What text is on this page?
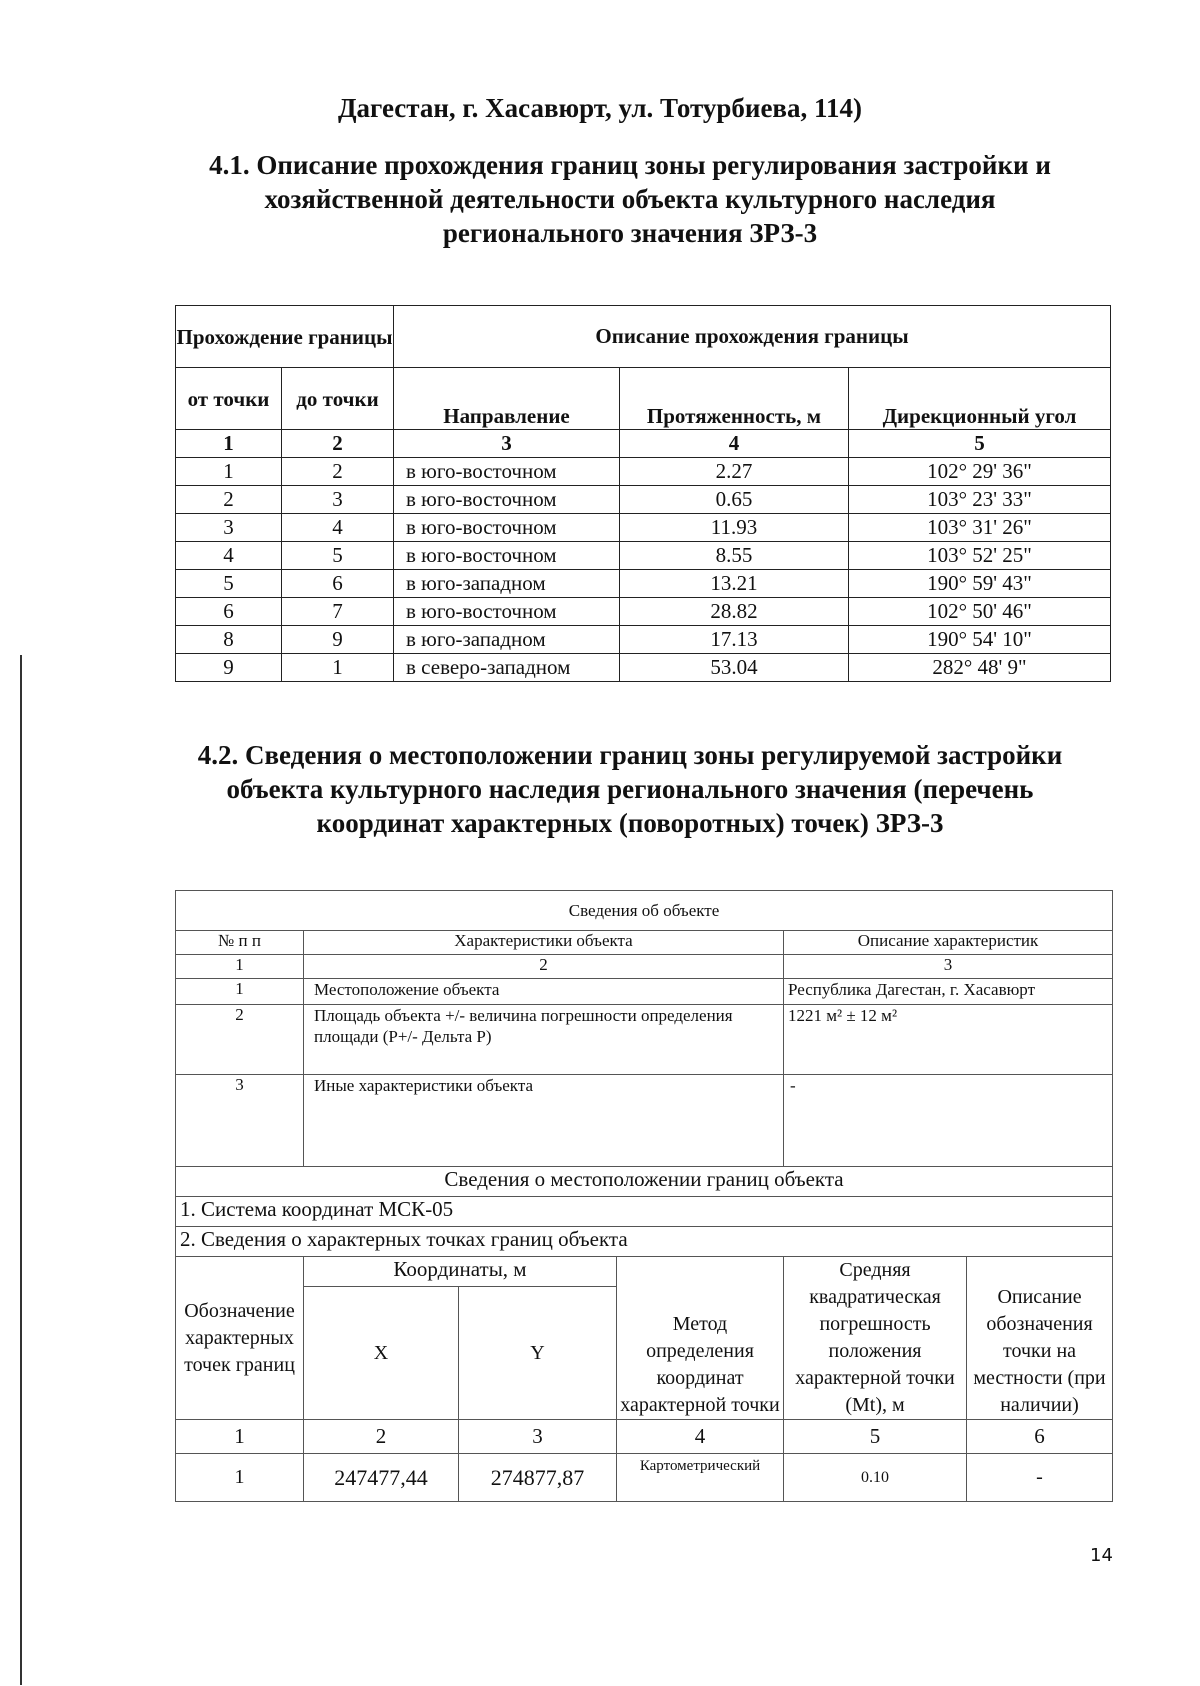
Дагестан, г. Хасавюрт, ул. Тотурбиева, 114)
4.1. Описание прохождения границ зоны регулирования застройки и
хозяйственной деятельности объекта культурного наследия
регионального значения ЗРЗ-3
Прохождение границы		Описание прохождения границы		

от точки	до точки	Направление	Протяженность, м	Дирекционный угол
1	2	3	4	5
1	2	в юго-восточном	2.27	102° 29' 36"
2	3	в юго-восточном	0.65	103° 23' 33"
3	4	в юго-восточном	11.93	103° 31' 26"
4	5	в юго-восточном	8.55	103° 52' 25"
5	6	в юго-западном	13.21	190° 59' 43"
6	7	в юго-восточном	28.82	102° 50' 46"
8	9	в юго-западном	17.13	190° 54' 10"
9	1	в северо-западном	53.04	282° 48' 9"
4.2. Сведения о местоположении границ зоны регулируемой застройки
объекта культурного наследия регионального значения (перечень
координат характерных (поворотных) точек) ЗРЗ-3
Сведения об объекте					
№ п п	Характеристики объекта			Описание характеристик	
1	2			3	
1	Местоположение объекта			Республика Дагестан, г. Хасавюрт	
2	Площадь объекта +/- величина погрешности определения площади (P+/- Дельта P)			1221 м² ± 12 м²	
3	Иные характеристики объекта			-	
Сведения о местоположении границ объекта					
1. Система координат МСК-05					
2. Сведения о характерных точках границ объекта					
Обозначение характерных точек границ	Координаты, м		Метод определения координат характерной точки	Средняя квадратическая погрешность положения характерной точки (Mt), м	Описание обозначения точки на местности (при наличии)
	X	Y			
1	2	3	4	5	6
1	247477,44	274877,87	Картометрический	0.10	-
14
